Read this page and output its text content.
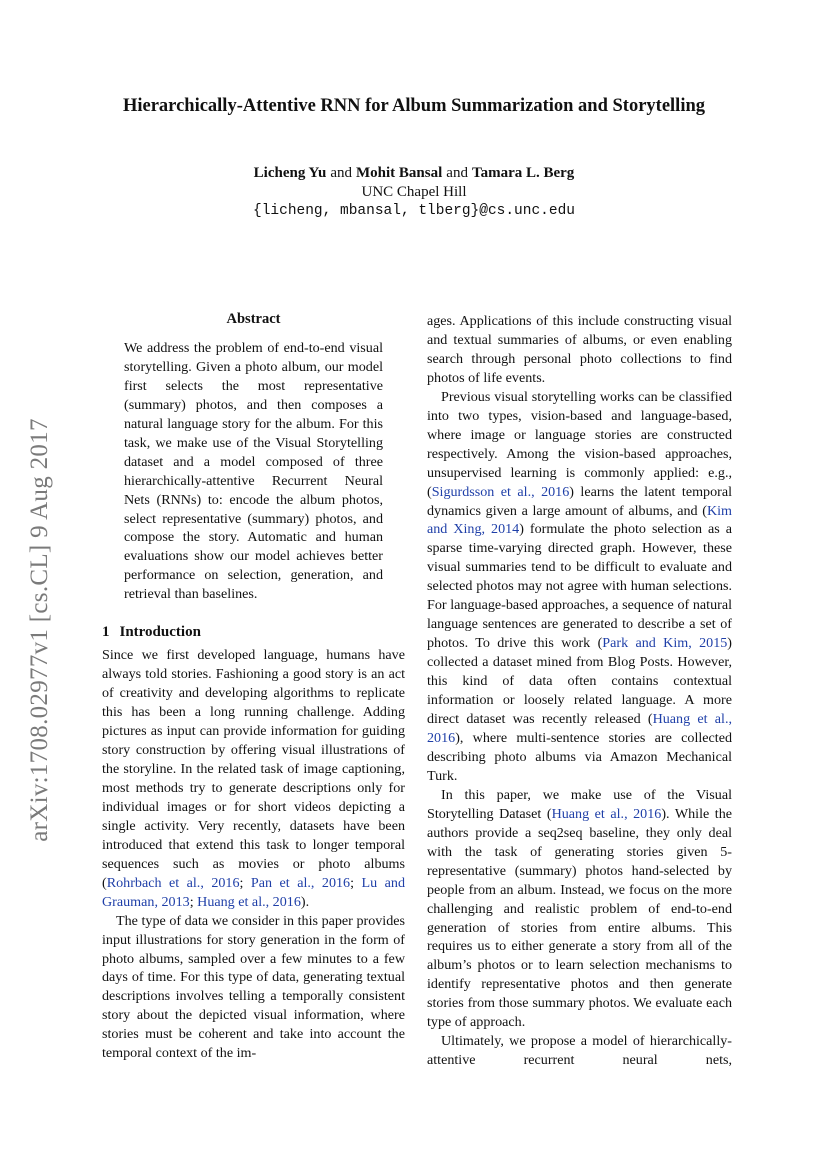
arXiv:1708.02977v1 [cs.CL] 9 Aug 2017
Hierarchically-Attentive RNN for Album Summarization and Storytelling
Licheng Yu and Mohit Bansal and Tamara L. Berg
UNC Chapel Hill
{licheng, mbansal, tlberg}@cs.unc.edu
Abstract

We address the problem of end-to-end visual storytelling. Given a photo album, our model first selects the most representative (summary) photos, and then composes a natural language story for the album. For this task, we make use of the Visual Storytelling dataset and a model composed of three hierarchically-attentive Recurrent Neural Nets (RNNs) to: encode the album photos, select representative (summary) photos, and compose the story. Automatic and human evaluations show our model achieves better performance on selection, generation, and retrieval than baselines.

1 Introduction

Since we first developed language, humans have always told stories. Fashioning a good story is an act of creativity and developing algorithms to replicate this has been a long running challenge. Adding pictures as input can provide information for guiding story construction by offering visual illustrations of the storyline. In the related task of image captioning, most methods try to generate descriptions only for individual images or for short videos depicting a single activity. Very recently, datasets have been introduced that extend this task to longer temporal sequences such as movies or photo albums (Rohrbach et al., 2016; Pan et al., 2016; Lu and Grauman, 2013; Huang et al., 2016).

The type of data we consider in this paper provides input illustrations for story generation in the form of photo albums, sampled over a few minutes to a few days of time. For this type of data, generating textual descriptions involves telling a temporally consistent story about the depicted visual information, where stories must be coherent and take into account the temporal context of the im-

ages. Applications of this include constructing visual and textual summaries of albums, or even enabling search through personal photo collections to find photos of life events.

Previous visual storytelling works can be classified into two types, vision-based and language-based, where image or language stories are constructed respectively. Among the vision-based approaches, unsupervised learning is commonly applied: e.g., (Sigurdsson et al., 2016) learns the latent temporal dynamics given a large amount of albums, and (Kim and Xing, 2014) formulate the photo selection as a sparse time-varying directed graph. However, these visual summaries tend to be difficult to evaluate and selected photos may not agree with human selections. For language-based approaches, a sequence of natural language sentences are generated to describe a set of photos. To drive this work (Park and Kim, 2015) collected a dataset mined from Blog Posts. However, this kind of data often contains contextual information or loosely related language. A more direct dataset was recently released (Huang et al., 2016), where multi-sentence stories are collected describing photo albums via Amazon Mechanical Turk.

In this paper, we make use of the Visual Storytelling Dataset (Huang et al., 2016). While the authors provide a seq2seq baseline, they only deal with the task of generating stories given 5-representative (summary) photos hand-selected by people from an album. Instead, we focus on the more challenging and realistic problem of end-to-end generation of stories from entire albums. This requires us to either generate a story from all of the album’s photos or to learn selection mechanisms to identify representative photos and then generate stories from those summary photos. We evaluate each type of approach.

Ultimately, we propose a model of hierarchically-attentive recurrent neural nets,
